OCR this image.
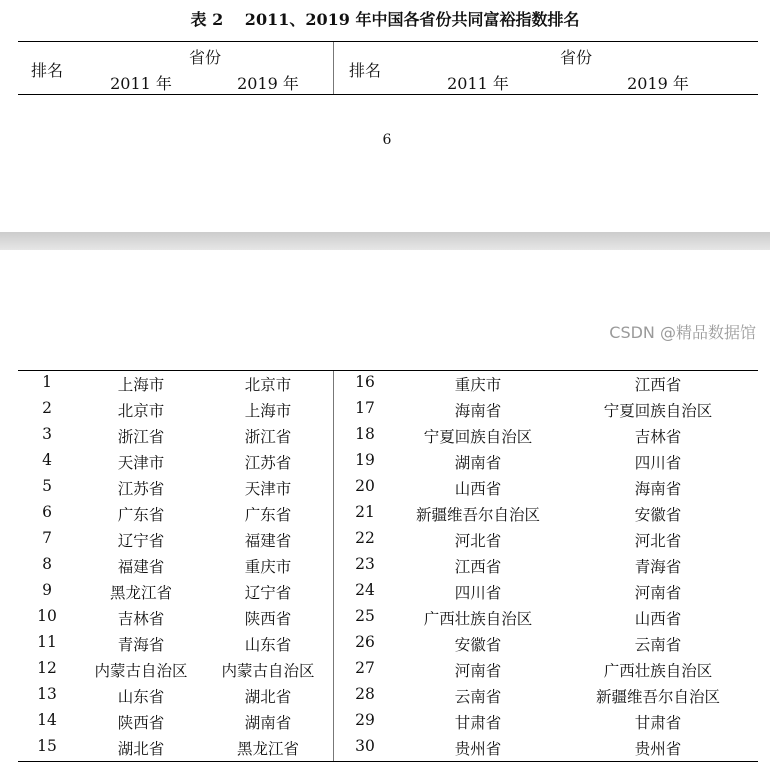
表 2　 2011、2019 年中国各省份共同富裕指数排名
排名
省份
2011 年	2019 年
排名
省份
2011 年	2019 年
6
1	上海市	北京市
2	北京市	上海市
3	浙江省	浙江省
4	天津市	江苏省
5	江苏省	天津市
6	广东省	广东省
7	辽宁省	福建省
8	福建省	重庆市
9	黑龙江省	辽宁省
10	吉林省	陕西省
11	青海省	山东省
12 内蒙古自治区 内蒙古自治区
13	山东省	湖北省
14	陕西省	湖南省
15	湖北省	黑龙江省
16	重庆市	江西省
17	海南省	宁夏回族自治区
18	宁夏回族自治区	吉林省
19	湖南省	四川省
20	山西省	海南省
21	新疆维吾尔自治区	安徽省
22	河北省	河北省
23	江西省	青海省
24	四川省	河南省
25	广西壮族自治区	山西省
26	安徽省	云南省
27	河南省	广西壮族自治区
28	云南省	新疆维吾尔自治区
29	甘肃省	甘肃省
30	贵州省	贵州省
CSDN @精品数据馆
